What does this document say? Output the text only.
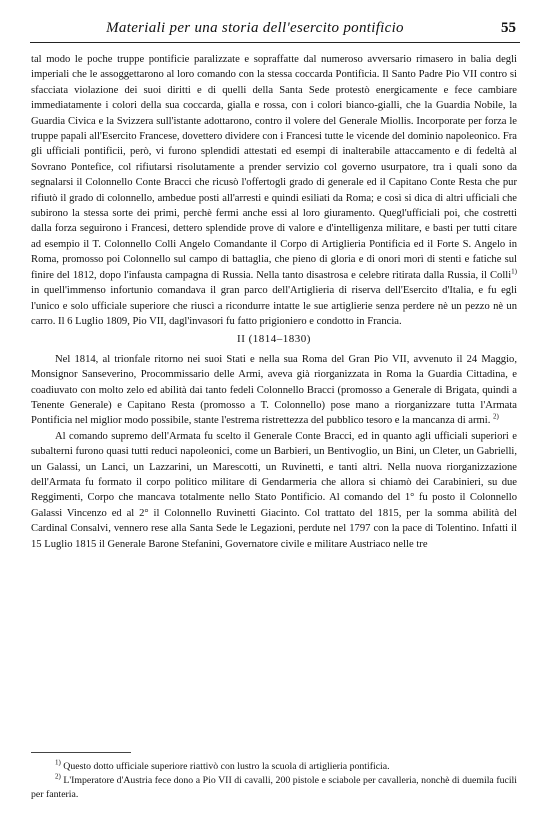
Materiali per una storia dell'esercito pontificio	55

tal modo le poche truppe pontificie paralizzate e sopraffatte dal numeroso avversario rimasero in balia degli imperiali che le assoggettarono al loro comando con la stessa coccarda Pontificia. Il Santo Padre Pio VII contro si sfacciata violazione dei suoi diritti e di quelli della Santa Sede protestò energicamente e fece cambiare immediatamente i colori della sua coccarda, gialla e rossa, con i colori bianco-gialli, che la Guardia Nobile, la Guardia Civica e la Svizzera sull'istante adottarono, contro il volere del Generale Miollis. Incorporate per forza le truppe papali all'Esercito Francese, dovettero dividere con i Francesi tutte le vicende del dominio napoleonico. Fra gli ufficiali pontificii, però, vi furono splendidi attestati ed esempi di inalterabile attaccamento e di fedeltà al Sovrano Pontefice, col rifiutarsi risolutamente a prender servizio col governo usurpatore, tra i quali sono da segnalarsi il Colonnello Conte Bracci che ricusò l'offertogli grado di generale ed il Capitano Conte Resta che pur rifiutò il grado di colonnello, ambedue posti all'arresti e quindi esiliati da Roma; e così si dica di altri ufficiali che subirono la stessa sorte dei primi, perchè fermi anche essi al loro giuramento. Quegl'ufficiali poi, che costretti dalla forza seguirono i Francesi, dettero splendide prove di valore e d'intelligenza militare, e basti per tutti citare ad esempio il T. Colonnello Colli Angelo Comandante il Corpo di Artiglieria Pontificia ed il Forte S. Angelo in Roma, promosso poi Colonnello sul campo di battaglia, che pieno di gloria e di onori morì di stenti e fatiche sul finire del 1812, dopo l'infausta campagna di Russia. Nella tanto disastrosa e celebre ritirata dalla Russia, il Colli$^{1)}$ in quell'immenso infortunio comandava il gran parco dell'Artiglieria di riserva dell'Esercito d'Italia, e fu egli l'unico e solo ufficiale superiore che riuscì a ricondurre intatte le sue artiglierie senza perdere nè un pezzo nè un carro. Il 6 Luglio 1809, Pio VII, dagl'invasori fu fatto prigioniero e condotto in Francia.

II (1814–1830)

Nel 1814, al trionfale ritorno nei suoi Stati e nella sua Roma del Gran Pio VII, avvenuto il 24 Maggio, Monsignor Sanseverino, Procommissario delle Armi, aveva già riorganizzata in Roma la Guardia Cittadina, e coadiuvato con molto zelo ed abilità dai tanto fedeli Colonnello Bracci (promosso a Generale di Brigata, quindi a Tenente Generale) e Capitano Resta (promosso a T. Colonnello) pose mano a riorganizzare tutta l'Armata Pontificia nel miglior modo possibile, stante l'estrema ristrettezza del pubblico tesoro e la mancanza di armi. $^{2)}$

Al comando supremo dell'Armata fu scelto il Generale Conte Bracci, ed in quanto agli ufficiali superiori e subalterni furono quasi tutti reduci napoleonici, come un Barbieri, un Bentivoglio, un Bini, un Cleter, un Gabrielli, un Galassi, un Lanci, un Lazzarini, un Marescotti, un Ruvinetti, e tanti altri. Nella nuova riorganizzazione dell'Armata fu formato il corpo politico militare di Gendarmeria che allora si chiamò dei Carabinieri, su due Reggimenti, Corpo che mancava totalmente nello Stato Pontificio. Al comando del 1° fu posto il Colonnello Galassi Vincenzo ed al 2° il Colonnello Ruvinetti Giacinto. Col trattato del 1815, per la somma abilità del Cardinal Consalvi, vennero rese alla Santa Sede le Legazioni, perdute nel 1797 con la pace di Tolentino. Infatti il 15 Luglio 1815 il Generale Barone Stefanini, Governatore civile e militare Austriaco nelle tre

$^{1)}$ Questo dotto ufficiale superiore riattivò con lustro la scuola di artiglieria pontificia.

$^{2)}$ L'Imperatore d'Austria fece dono a Pio VII di cavalli, 200 pistole e sciabole per cavalleria, nonchè di duemila fucili per fanteria.
